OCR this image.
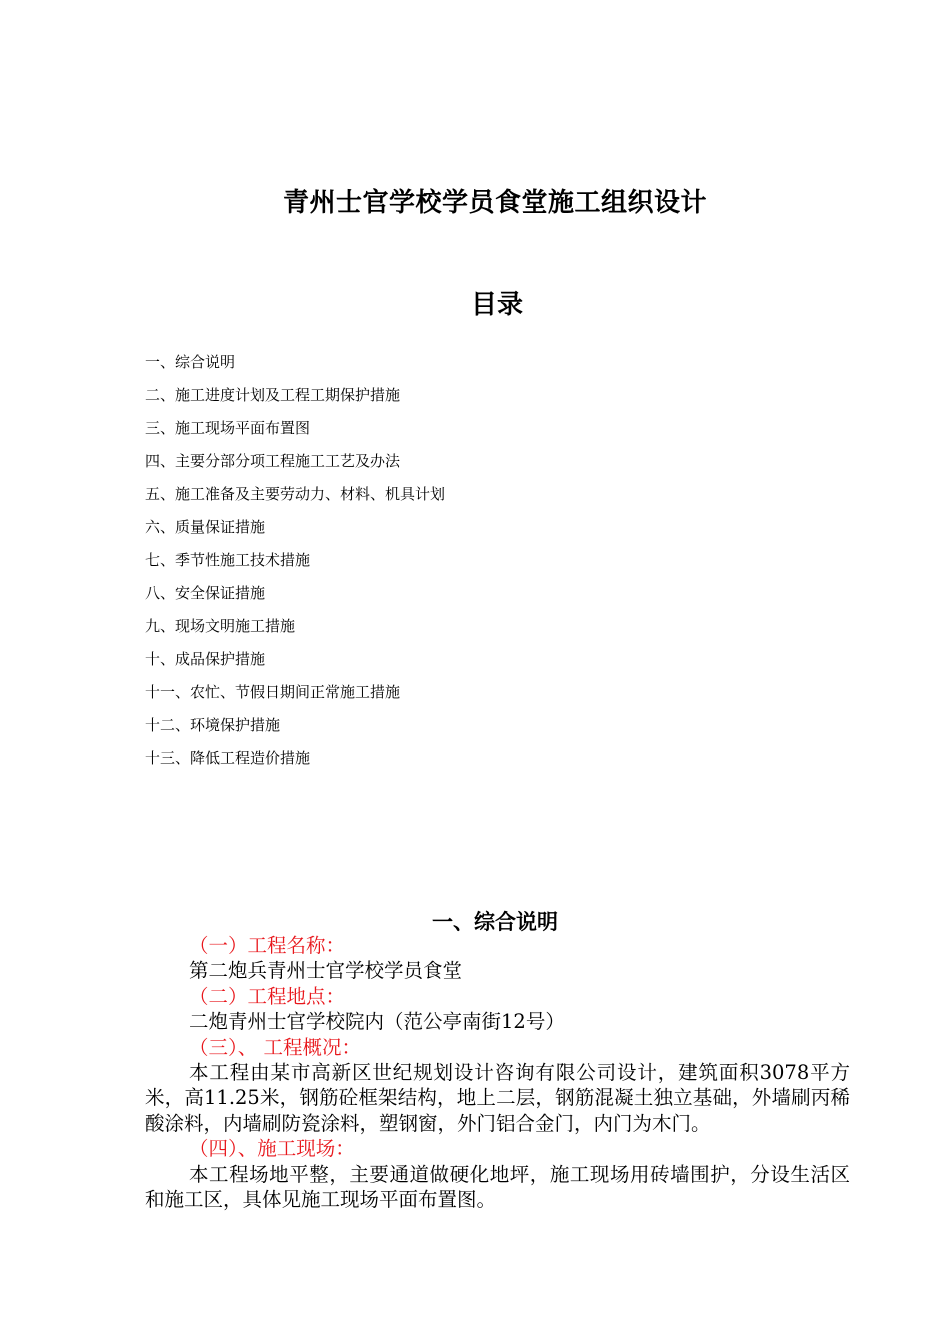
青州士官学校学员食堂施工组织设计
目录
一、综合说明
二、施工进度计划及工程工期保护措施
三、施工现场平面布置图
四、主要分部分项工程施工工艺及办法
五、施工准备及主要劳动力、材料、机具计划
六、质量保证措施
七、季节性施工技术措施
八、安全保证措施
九、现场文明施工措施
十、成品保护措施
十一、农忙、节假日期间正常施工措施
十二、环境保护措施
十三、降低工程造价措施
一、综合说明

（一）工程名称：

第二炮兵青州士官学校学员食堂

（二）工程地点：

二炮青州士官学校院内（范公亭南街12号）

（三）、 工程概况：

本工程由某市高新区世纪规划设计咨询有限公司设计，建筑面积3078平方米，高11.25米，钢筋砼框架结构，地上二层，钢筋混凝土独立基础，外墙刷丙稀酸涂料，内墙刷防瓷涂料，塑钢窗，外门铝合金门，内门为木门。

（四）、施工现场：

本工程场地平整，主要通道做硬化地坪，施工现场用砖墙围护，分设生活区和施工区，具体见施工现场平面布置图。
